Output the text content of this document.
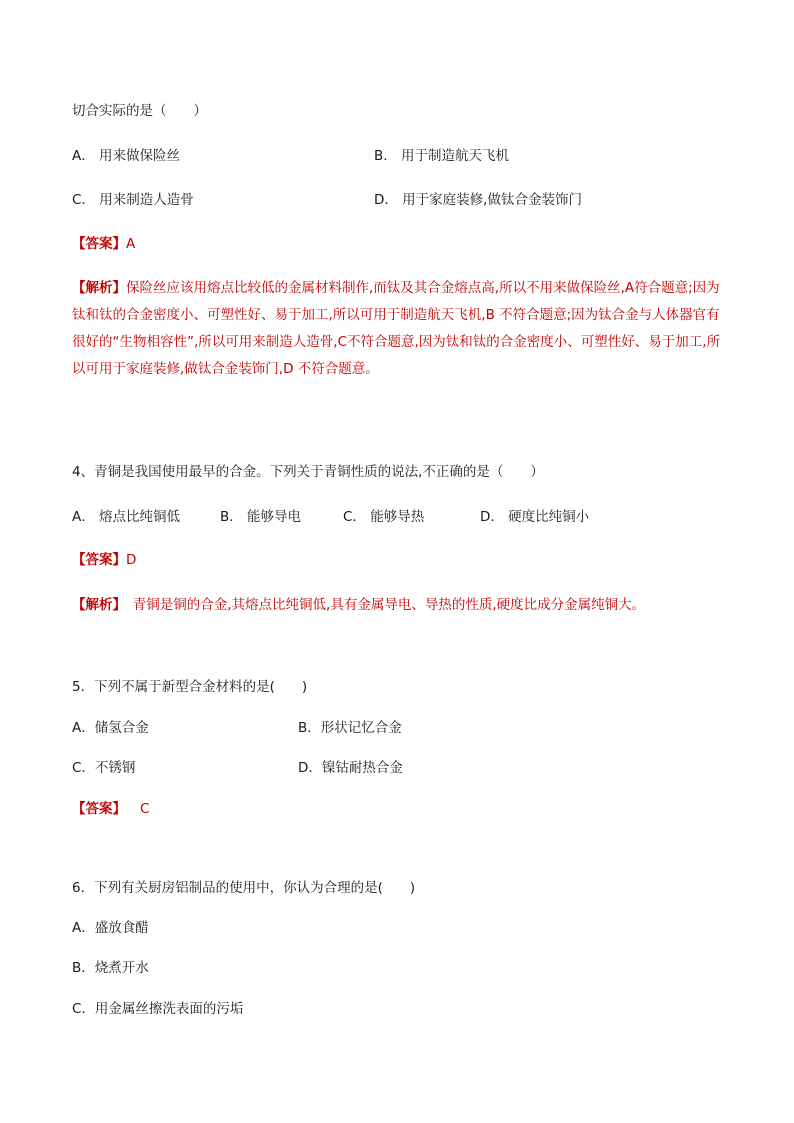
切合实际的是（　　）
A． 用来做保险丝	B． 用于制造航天飞机
C． 用来制造人造骨	D． 用于家庭装修,做钛合金装饰门
【答案】A
【解析】保险丝应该用熔点比较低的金属材料制作,而钛及其合金熔点高,所以不用来做保险丝,A符合题意;因为钛和钛的合金密度小、可塑性好、易于加工,所以可用于制造航天飞机,B 不符合题意;因为钛合金与人体器官有很好的“生物相容性”,所以可用来制造人造骨,C不符合题意,因为钛和钛的合金密度小、可塑性好、易于加工,所以可用于家庭装修,做钛合金装饰门,D 不符合题意。
4、青铜是我国使用最早的合金。下列关于青铜性质的说法,不正确的是（　　）
A． 熔点比纯铜低	B． 能够导电	C． 能够导热	D． 硬度比纯铜小
【答案】D
【解析】　青铜是铜的合金,其熔点比纯铜低,具有金属导电、导热的性质,硬度比成分金属纯铜大。
5．下列不属于新型合金材料的是(　　)
A．储氢合金	B．形状记忆合金
C．不锈钢	D．镍钴耐热合金
【答案】 C
6．下列有关厨房铝制品的使用中，你认为合理的是(　　)
A．盛放食醋
B．烧煮开水
C．用金属丝擦洗表面的污垢
